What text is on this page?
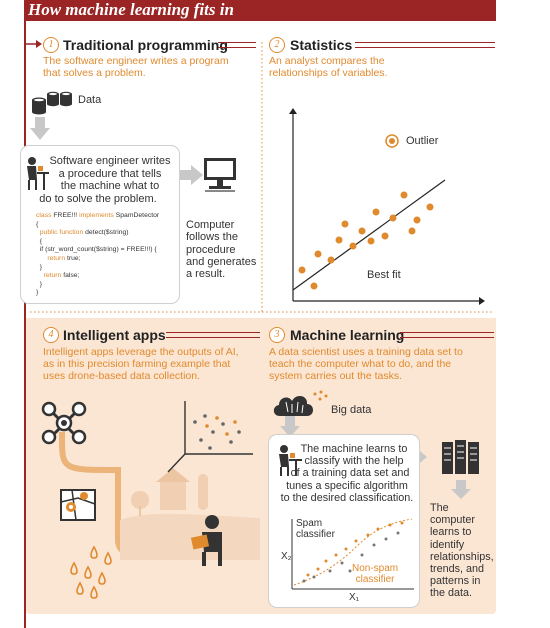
How machine learning fits in
1 Traditional programming
The software engineer writes a program
that solves a problem.
Data
Software engineer writes
a procedure that tells
the machine what to
do to solve the problem.
class FREE!!! implements SpamDetector
{
public function detect($string)
{
if (str_word_count($string) = FREE!!!) {
return true;
}
return false;
}
}
Computer
follows the
procedure
and generates
a result.
2 Statistics
An analyst compares the
relationships of variables.
Outlier
Best fit
4 Intelligent apps
Intelligent apps leverage the outputs of AI,
as in this precision farming example that
uses drone-based data collection.
3 Machine learning
A data scientist uses a training data set to
teach the computer what to do, and the
system carries out the tasks.
Big data
The machine learns to
classify with the help
of a training data set and
tunes a specific algorithm
to the desired classification.
Spam
classifier
Non-spam
classifier
X₂
X₁
The
computer
learns to
identify
relationships,
trends, and
patterns in
the data.
